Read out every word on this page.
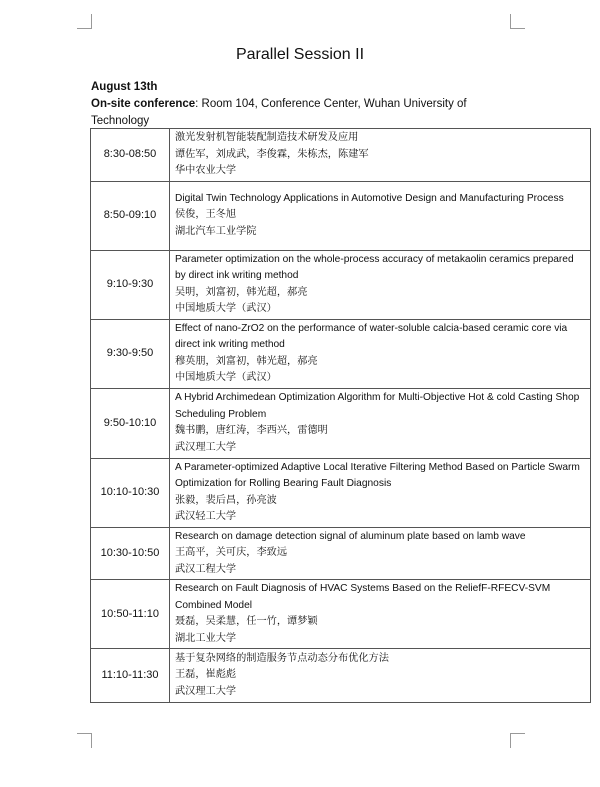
Parallel Session II

August 13th

On-site conference: Room 104, Conference Center, Wuhan University of Technology

8:30-08:50	激光发射机智能装配制造技术研发及应用
谭佐军，刘成武，李俊霖，朱栋杰，陈建军
华中农业大学

8:50-09:10	Digital Twin Technology Applications in Automotive Design and Manufacturing Process
侯俊，王冬旭
湖北汽车工业学院

9:10-9:30	Parameter optimization on the whole-process accuracy of metakaolin ceramics prepared by direct ink writing method
吴明，刘富初，韩光超，郝亮
中国地质大学（武汉）

9:30-9:50	Effect of nano-ZrO2 on the performance of water-soluble calcia-based ceramic core via direct ink writing method
穆英朋，刘富初，韩光超，郝亮
中国地质大学（武汉）

9:50-10:10	A Hybrid Archimedean Optimization Algorithm for Multi-Objective Hot & cold Casting Shop Scheduling Problem
魏书鹏，唐红涛，李西兴，雷德明
武汉理工大学

10:10-10:30	A Parameter-optimized Adaptive Local Iterative Filtering Method Based on Particle Swarm Optimization for Rolling Bearing Fault Diagnosis
张毅，裴后昌，孙亮波
武汉轻工大学

10:30-10:50	Research on damage detection signal of aluminum plate based on lamb wave
王高平，关可庆，李致远
武汉工程大学

10:50-11:10	Research on Fault Diagnosis of HVAC Systems Based on the ReliefF-RFECV-SVM Combined Model
聂磊，吴柔慧，任一竹，谭梦颖
湖北工业大学

11:10-11:30	基于复杂网络的制造服务节点动态分布优化方法
王磊，崔彪彪
武汉理工大学
